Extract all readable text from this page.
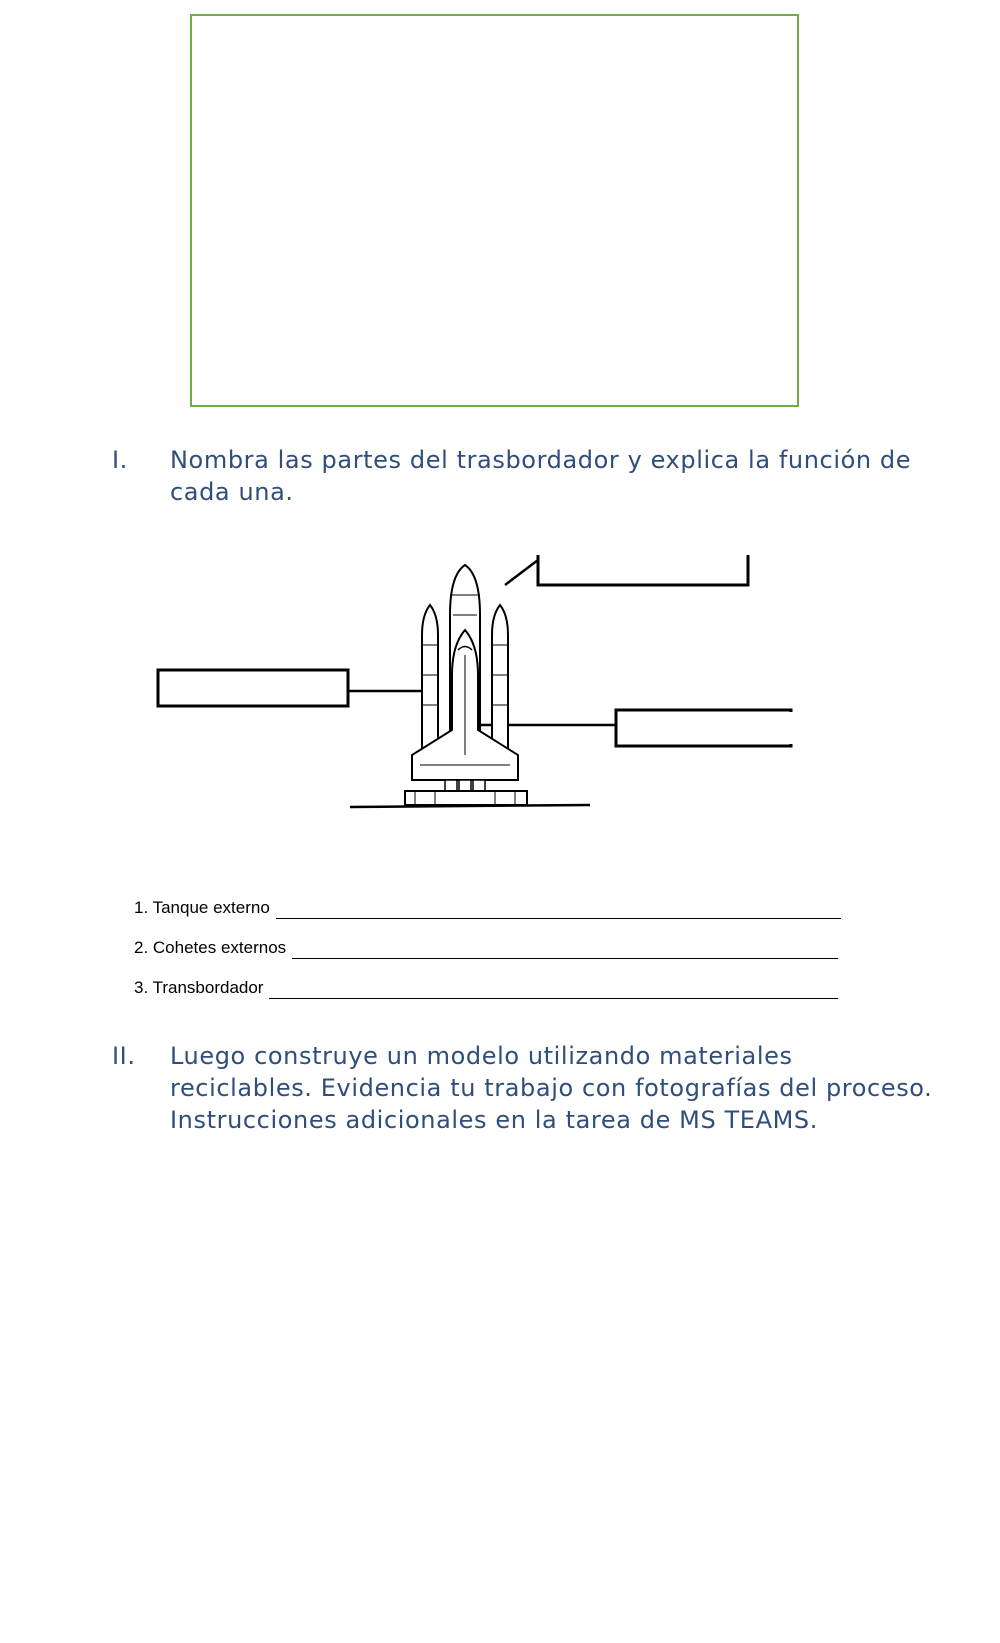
I.	Nombra las partes del trasbordador y explica la función de cada una.
1. Tanque externo
2. Cohetes externos
3. Transbordador
II.	Luego construye un modelo utilizando materiales reciclables. Evidencia tu trabajo con fotografías del proceso. Instrucciones adicionales en la tarea de MS TEAMS.
